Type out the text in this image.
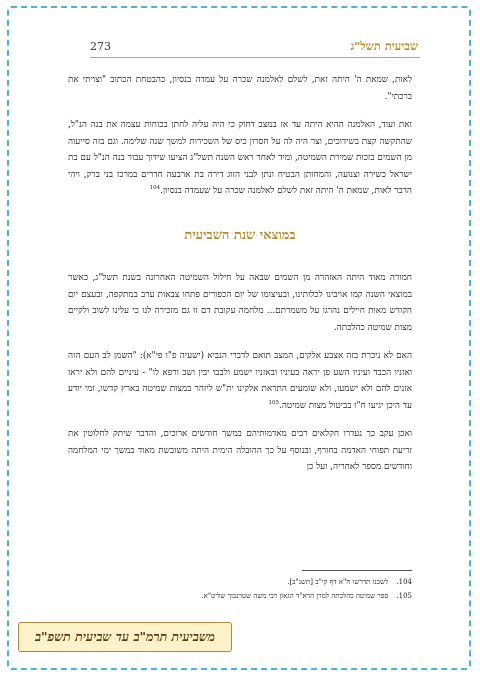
273	שביעית תשל"ג

לאות, שמאת ה' היתה זאת, לשלם לאלמנה שכרה על עמדה בנסיון, כהבטחת הכתוב "וצויתי את ברכתי".

זאת ועוד, האלמנה ההיא היתה עד אז במצב דחוק כי היה עליה לחתן בכוחות עצמה את בנה הנ"ל, שהתקשה קצת בשידוכים, וצר היה לה על חסרון כיס של השכירות למשך שנה שלימה. וגם בזה סייעוה מן השמים בזכות שמירת השמיטה, ומיד לאחר ראש השנה תשל"ג הציעו שידוך עבור בנה הנ"ל עם בת ישראל כשירה וצנועה, והמחותן הבטיח ונתן לבני הזוג דירה בת ארבעה חדרים במרכז בני ברק, ויהי הדבר לאות, שמאת ה' היתה זאת לשלם לאלמנה שכרה על שעמדה בנסיון.$^{104}$

במוצאי שנת השביעית

חמורה מאוד היתה האזהרה מן השמים שבאה על חילול השמיטה האחרונה בשנת תשל"ג, כאשר במוצאי השנה קמו אויבינו לכלותינו, ובעיצומו של יום הכפורים פתחו צבאות ערב במתקפה, ובעצם יום הקודש מאות חיילים נהרגו על משמרתם... מלחמה עקובת דם זו גם מזכירה לנו כי עלינו לשוב ולקיים מצות שמיטה כהלכתה.

האם לא ניכרת בזה אצבע אלקים, המצב תואם לדברי הנביא (ישעיה פ"ו פי"א): "השמן לב העם הזה ואזניו הכבד ועיניו השע פן יראה בעיניו ובאזניו ישמע ולבבו יבין ושב ורפא לו" - עיניים להם ולא יראו אזנים להם ולא ישמעו, ולא שומעים התראת אלקינו ית"ש ליזהר במצות שמיטה בארץ קדשו, ומי יודע עד היכן יגיעו ח"ו בביטול מצות שמיטה.$^{105}$

ואכן עקב כך נעדרו חקלאים רבים מאדמותיהם במשך חודשים ארוכים, והדבר שיתק לחלוטין את זריעת תפוחי האדמה בחורף, ובנוסף על כך ההובלה הימית היתה משובשת מאוד במשך ימי המלחמה וחודשים מספר לאחריה, ועל כן

104.לשכנו תדרשו ח"א דף קי"ב [תשנ"ב].

105.ספר שמיטה כהלכתה למרן הרא"ד הגאון רבי משה שטרנבוך שליט"א.

משביעית תרמ"ב עד שביעית תשפ"ב
